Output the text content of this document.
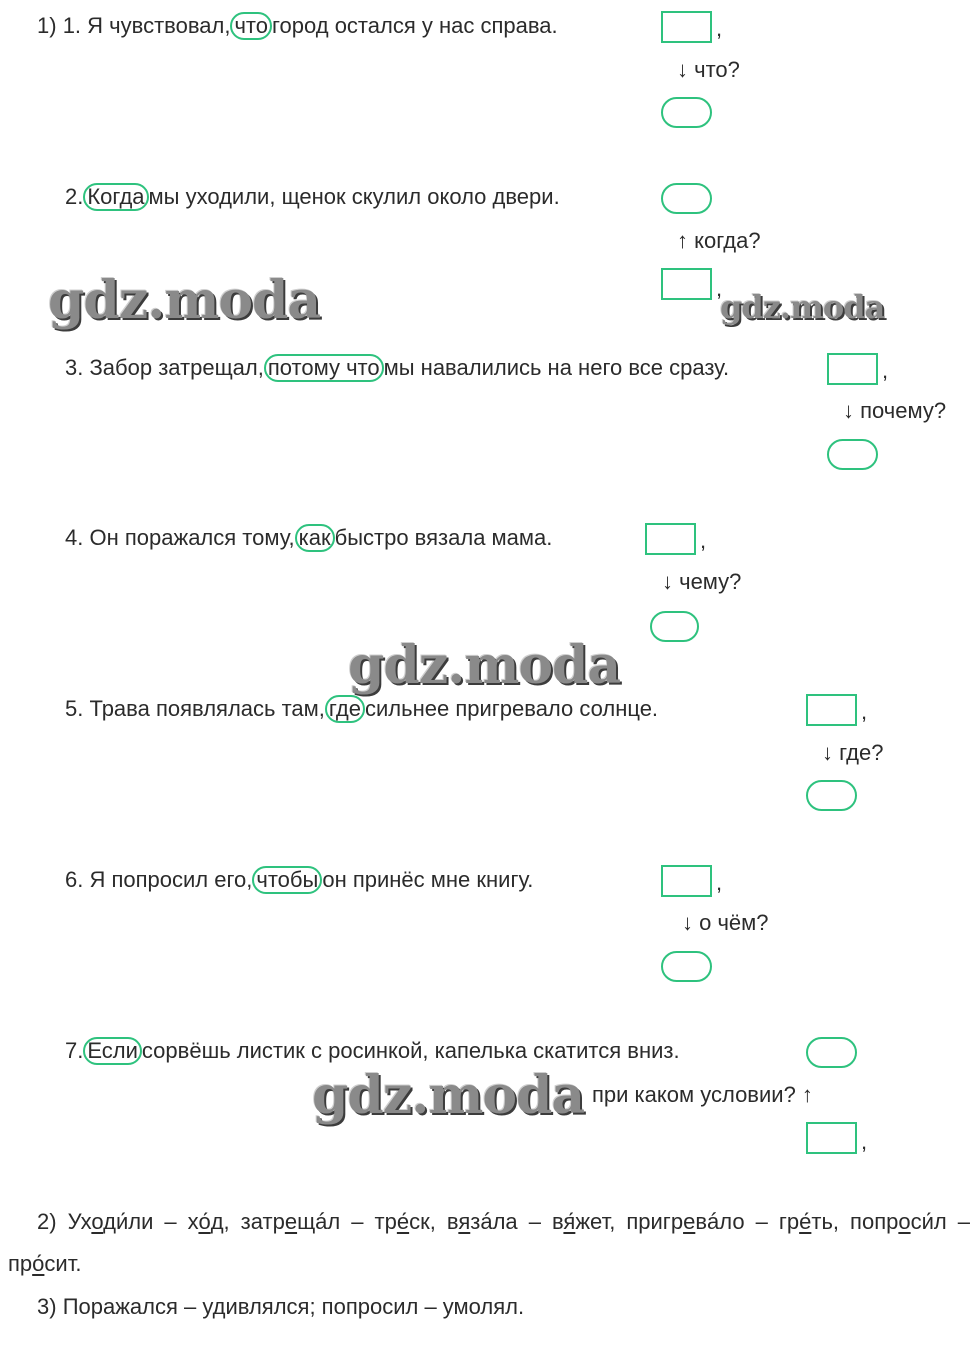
1) 1. Я чувствовал, что город остался у нас справа.	,
↓ что?
2. Когда мы уходили, щенок скулил около двери.
↑ когда?
,
gdz.moda	gdz.moda
3. Забор затрещал, потому что мы навалились на него все сразу.	,
↓ почему?
4. Он поражался тому, как быстро вязала мама.	,
↓ чему?
gdz.moda
5. Трава появлялась там, где сильнее пригревало солнце.	,
↓ где?
6. Я попросил его, чтобы он принёс мне книгу.	,
↓ о чём?
7. Если сорвёшь листик с росинкой, капелька скатится вниз.
gdz.moda при каком условии? ↑
,
2) Уходи́ли – хо́д, затрещáл – тре́ск, вязáла – вя́жет, пригревáло – гре́ть, попроси́л – про́сит.
3) Поражался – удивлялся; попросил – умолял.
